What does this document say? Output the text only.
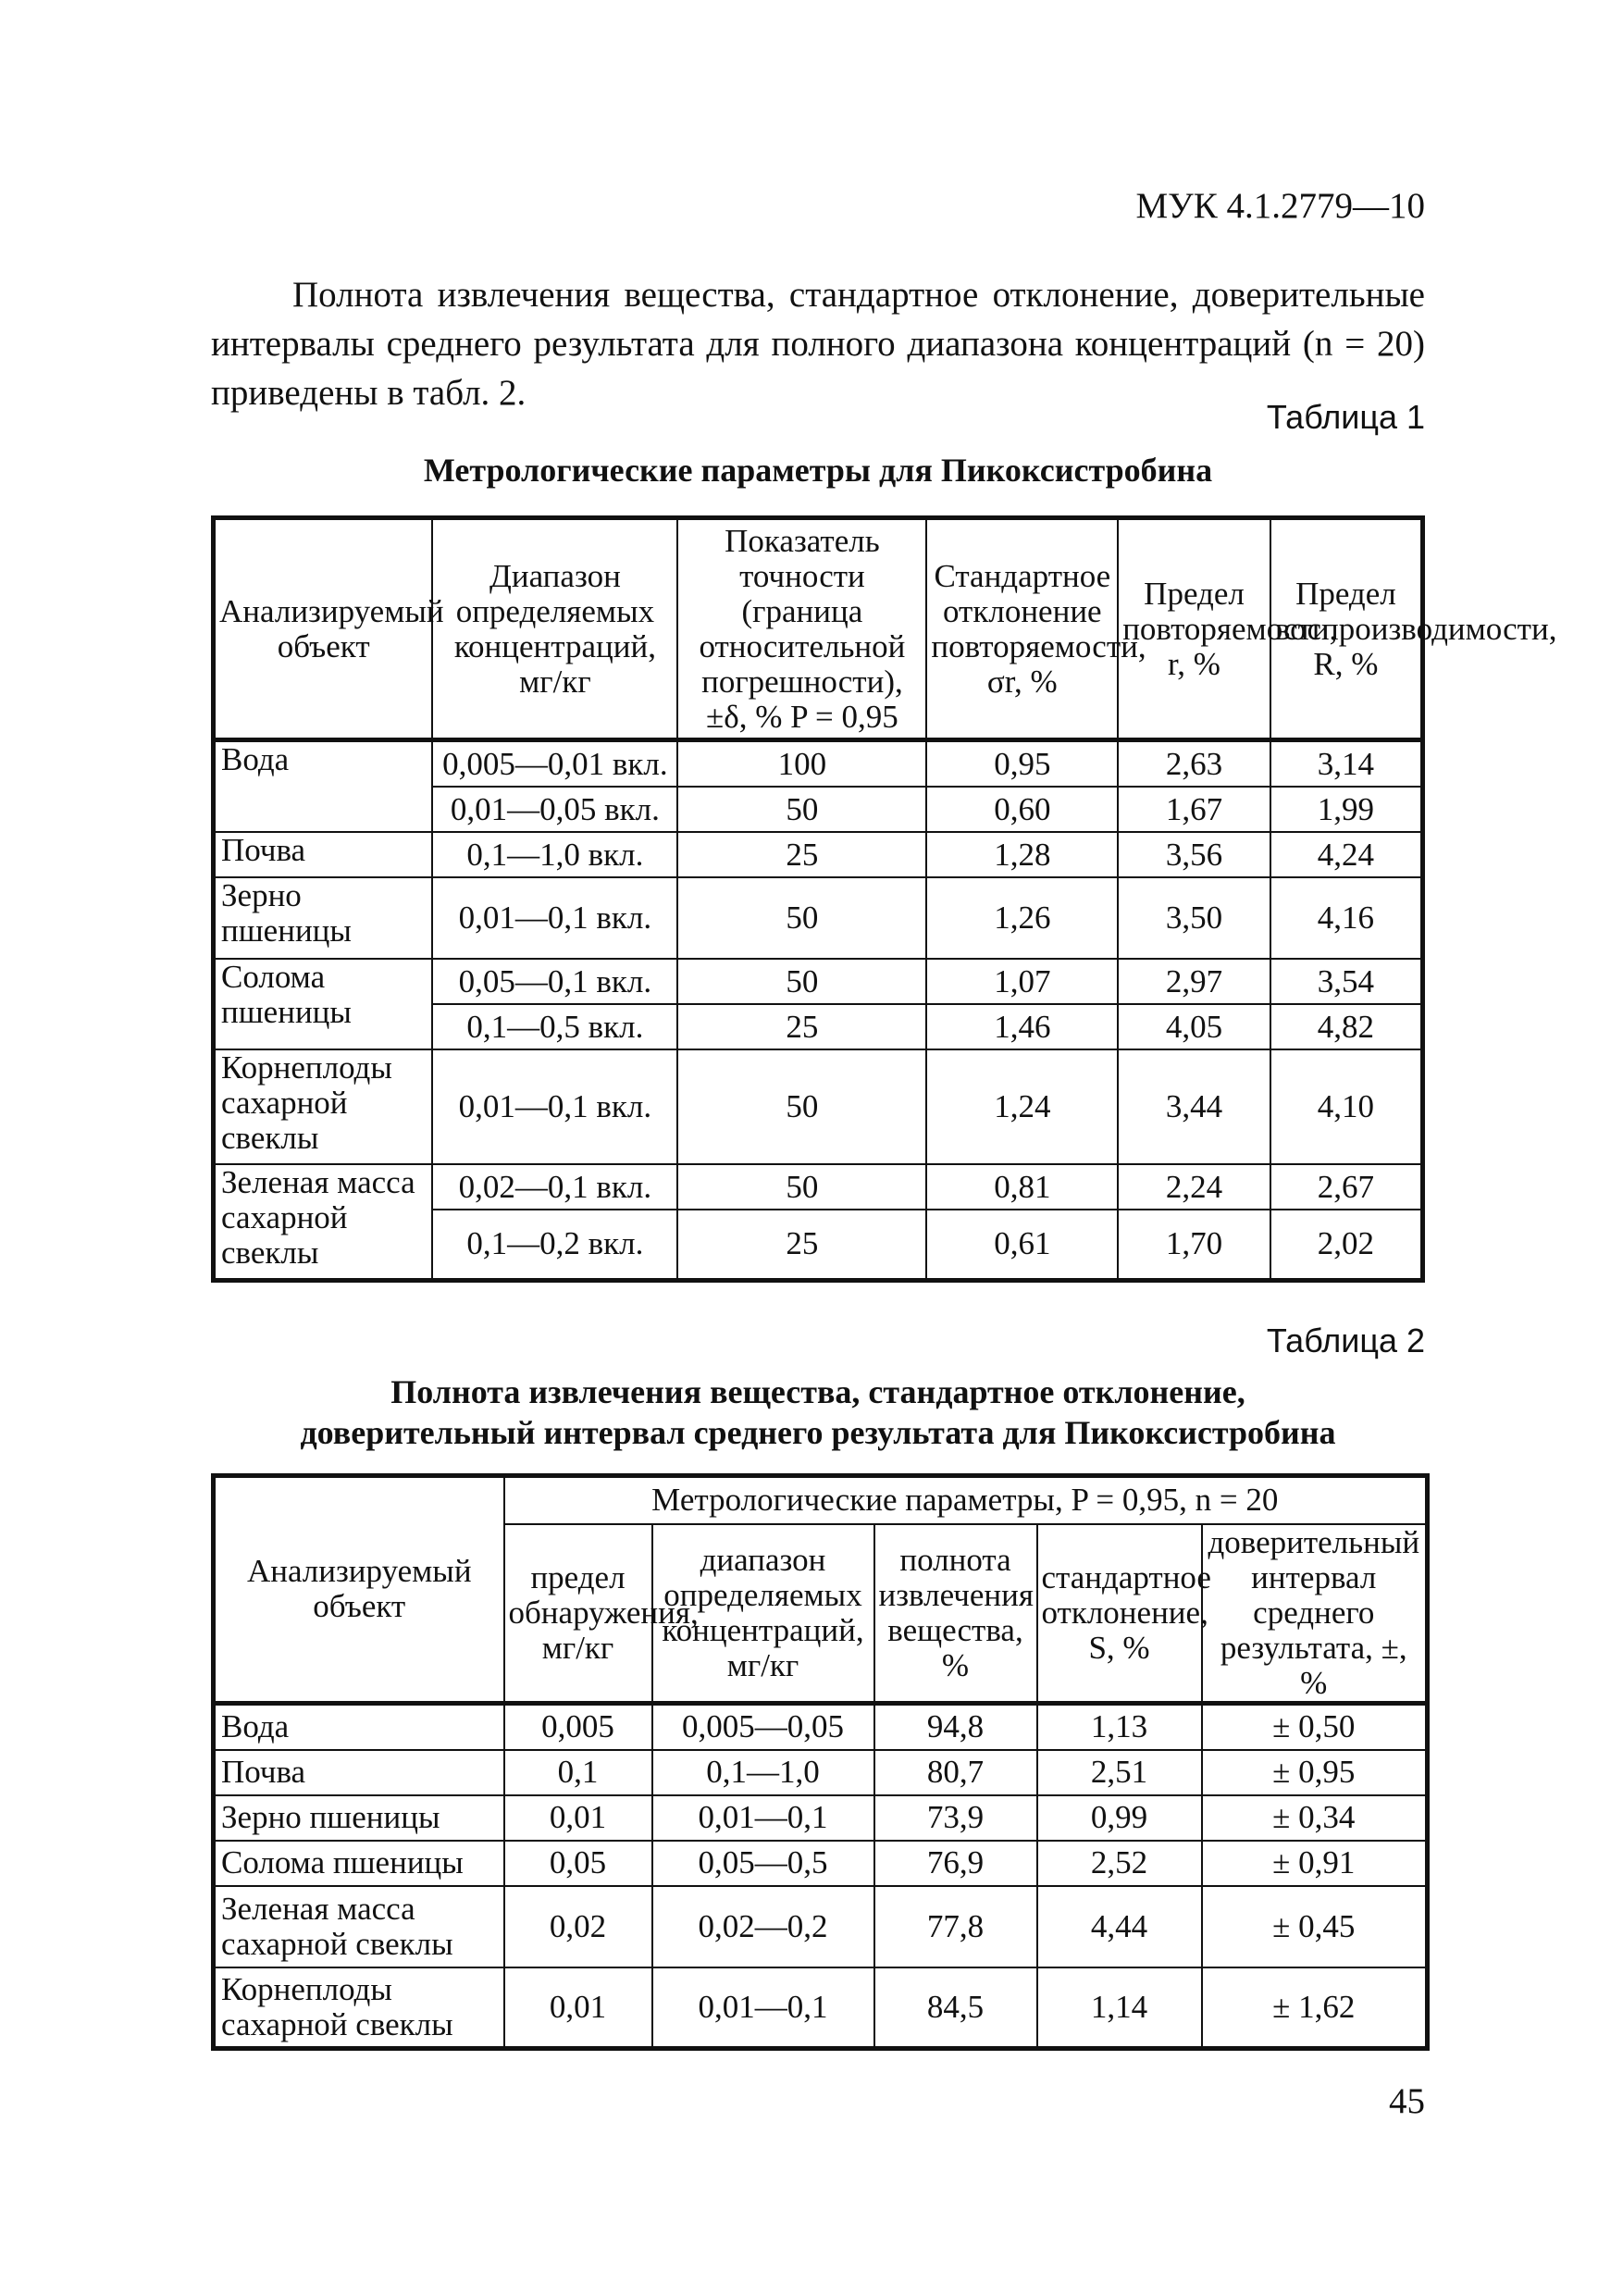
МУК 4.1.2779—10

Полнота извлечения вещества, стандартное отклонение, доверительные интервалы среднего результата для полного диапазона концентраций (n = 20) приведены в табл. 2.

Таблица 1
Метрологические параметры для Пикоксистробина
Анализируемый объект	Диапазон определяемых концентраций, мг/кг	Показатель точности (граница относительной погрешности), ±δ, % P = 0,95	Стандартное отклонение повторяемости, σr, %	Предел повторяемости, r, %	Предел воспроизводимости, R, %
Вода	0,005—0,01 вкл.	100	0,95	2,63	3,14
	0,01—0,05 вкл.	50	0,60	1,67	1,99
Почва	0,1—1,0 вкл.	25	1,28	3,56	4,24
Зерно пшеницы	0,01—0,1 вкл.	50	1,26	3,50	4,16
Солома пшеницы	0,05—0,1 вкл.	50	1,07	2,97	3,54
	0,1—0,5 вкл.	25	1,46	4,05	4,82
Корнеплоды сахарной свеклы	0,01—0,1 вкл.	50	1,24	3,44	4,10
Зеленая масса сахарной свеклы	0,02—0,1 вкл.	50	0,81	2,24	2,67
	0,1—0,2 вкл.	25	0,61	1,70	2,02
Таблица 2
Полнота извлечения вещества, стандартное отклонение,
доверительный интервал среднего результата для Пикоксистробина
Анализируемый объект	Метрологические параметры, P = 0,95, n = 20				
	предел обнаружения, мг/кг	диапазон определяемых концентраций, мг/кг	полнота извлечения вещества, %	стандартное отклонение, S, %	доверительный интервал среднего результата, ±, %
Вода	0,005	0,005—0,05	94,8	1,13	± 0,50
Почва	0,1	0,1—1,0	80,7	2,51	± 0,95
Зерно пшеницы	0,01	0,01—0,1	73,9	0,99	± 0,34
Солома пшеницы	0,05	0,05—0,5	76,9	2,52	± 0,91
Зеленая масса сахарной свеклы	0,02	0,02—0,2	77,8	4,44	± 0,45
Корнеплоды сахарной свеклы	0,01	0,01—0,1	84,5	1,14	± 1,62
45
